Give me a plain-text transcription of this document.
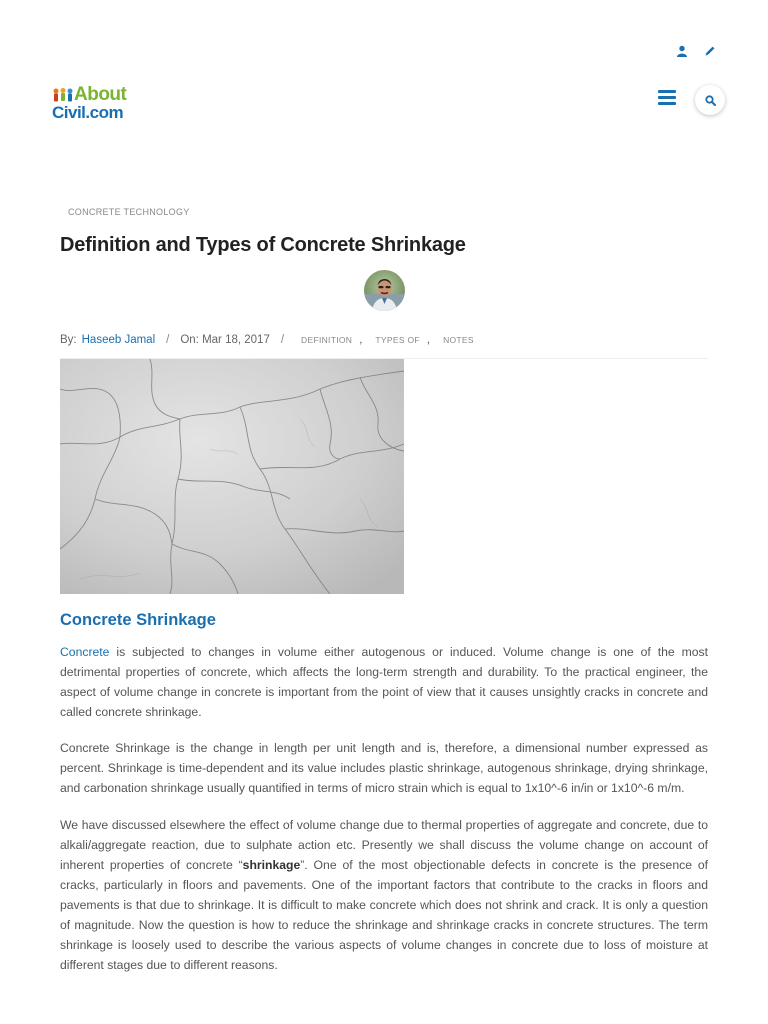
About
Civil.com
CONCRETE TECHNOLOGY
Definition and Types of Concrete Shrinkage
By: Haseeb Jamal / On: Mar 18, 2017 / DEFINITION , TYPES OF , NOTES
Concrete Shrinkage

Concrete is subjected to changes in volume either autogenous or induced. Volume change is one of the most detrimental properties of concrete, which affects the long-term strength and durability. To the practical engineer, the aspect of volume change in concrete is important from the point of view that it causes unsightly cracks in concrete and called concrete shrinkage.

Concrete Shrinkage is the change in length per unit length and is, therefore, a dimensional number expressed as percent. Shrinkage is time-dependent and its value includes plastic shrinkage, autogenous shrinkage, drying shrinkage, and carbonation shrinkage usually quantified in terms of micro strain which is equal to 1x10^-6 in/in or 1x10^-6 m/m.

We have discussed elsewhere the effect of volume change due to thermal properties of aggregate and concrete, due to alkali/aggregate reaction, due to sulphate action etc. Presently we shall discuss the volume change on account of inherent properties of concrete “shrinkage”. One of the most objectionable defects in concrete is the presence of cracks, particularly in floors and pavements. One of the important factors that contribute to the cracks in floors and pavements is that due to shrinkage. It is difficult to make concrete which does not shrink and crack. It is only a question of magnitude. Now the question is how to reduce the shrinkage and shrinkage cracks in concrete structures. The term shrinkage is loosely used to describe the various aspects of volume changes in concrete due to loss of moisture at different stages due to different reasons.
